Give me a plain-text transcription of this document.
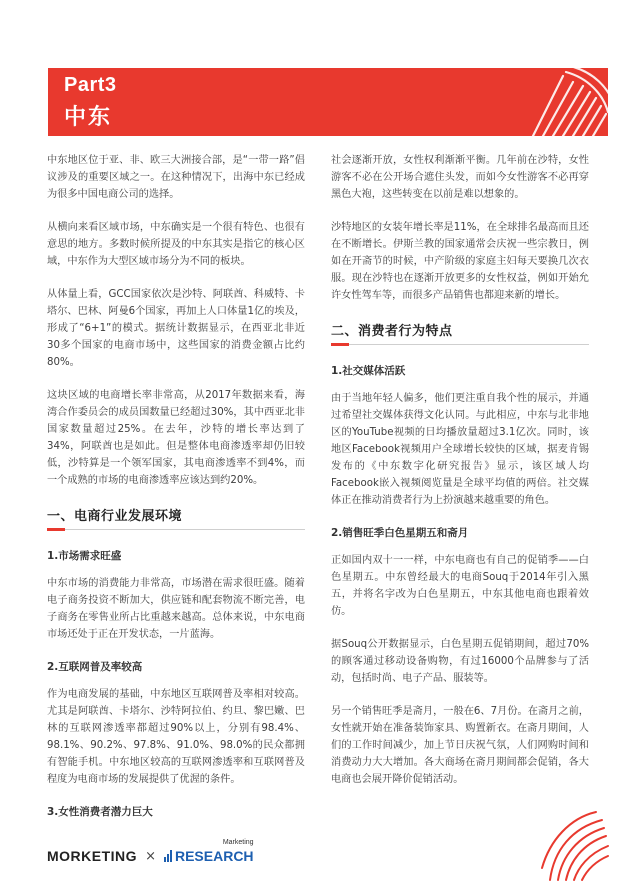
Part3
中东

中东地区位于亚、非、欧三大洲接合部，是“一带一路”倡议涉及的重要区域之一。在这种情况下，出海中东已经成为很多中国电商公司的选择。

从横向来看区域市场，中东确实是一个很有特色、也很有意思的地方。多数时候所提及的中东其实是指它的核心区域，中东作为大型区域市场分为不同的板块。

从体量上看，GCC国家依次是沙特、阿联酋、科威特、卡塔尔、巴林、阿曼6个国家，再加上人口体量1亿的埃及，形成了“6+1”的模式。据统计数据显示，在西亚北非近30多个国家的电商市场中，这些国家的消费金额占比约80%。

这块区域的电商增长率非常高，从2017年数据来看，海湾合作委员会的成员国数量已经超过30%，其中西亚北非国家数量超过25%。在去年，沙特的增长率达到了34%，阿联酋也是如此。但是整体电商渗透率却仍旧较低，沙特算是一个领军国家，其电商渗透率不到4%，而一个成熟的市场的电商渗透率应该达到约20%。

一、电商行业发展环境
1.市场需求旺盛

中东市场的消费能力非常高，市场潜在需求很旺盛。随着电子商务投资不断加大，供应链和配套物流不断完善，电子商务在零售业所占比重越来越高。总体来说，中东电商市场还处于正在开发状态，一片蓝海。

2.互联网普及率较高

作为电商发展的基础，中东地区互联网普及率相对较高。尤其是阿联酋、卡塔尔、沙特阿拉伯、约旦、黎巴嫩、巴林的互联网渗透率都超过90%以上，分别有98.4%、98.1%、90.2%、97.8%、91.0%、98.0%的民众都拥有智能手机。中东地区较高的互联网渗透率和互联网普及程度为电商市场的发展提供了优渥的条件。

3.女性消费者潜力巨大

社会逐渐开放，女性权利渐渐平衡。几年前在沙特，女性游客不必在公开场合遮住头发，而如今女性游客不必再穿黑色大袍，这些转变在以前是难以想象的。

沙特地区的女装年增长率是11%，在全球排名最高而且还在不断增长。伊斯兰教的国家通常会庆祝一些宗教日，例如在开斋节的时候，中产阶级的家庭主妇每天要换几次衣服。现在沙特也在逐渐开放更多的女性权益，例如开始允许女性驾车等，而很多产品销售也都迎来新的增长。

二、消费者行为特点
1.社交媒体活跃

由于当地年轻人偏多，他们更注重自我个性的展示，并通过希望社交媒体获得文化认同。与此相应，中东与北非地区的YouTube视频的日均播放量超过3.1亿次。同时，该地区Facebook视频用户全球增长较快的区域，据麦肯锡发布的《中东数字化研究报告》显示，该区域人均Facebook嵌入视频阅览量是全球平均值的两倍。社交媒体正在推动消费者行为上扮演越来越重要的角色。

2.销售旺季白色星期五和斋月

正如国内双十一一样，中东电商也有自己的促销季——白色星期五。中东曾经最大的电商Souq于2014年引入黑五，并将名字改为白色星期五，中东其他电商也跟着效仿。

据Souq公开数据显示，白色星期五促销期间，超过70%的顾客通过移动设备购物，有过16000个品牌参与了活动，包括时尚、电子产品、服装等。

另一个销售旺季是斋月，一般在6、7月份。在斋月之前，女性就开始在准备装饰家具、购置新衣。在斋月期间，人们的工作时间减少，加上节日庆祝气氛，人们网购时间和消费动力大大增加。各大商场在斋月期间都会促销，各大电商也会展开降价促销活动。

MORKETING × RESEARCH
Marketing
